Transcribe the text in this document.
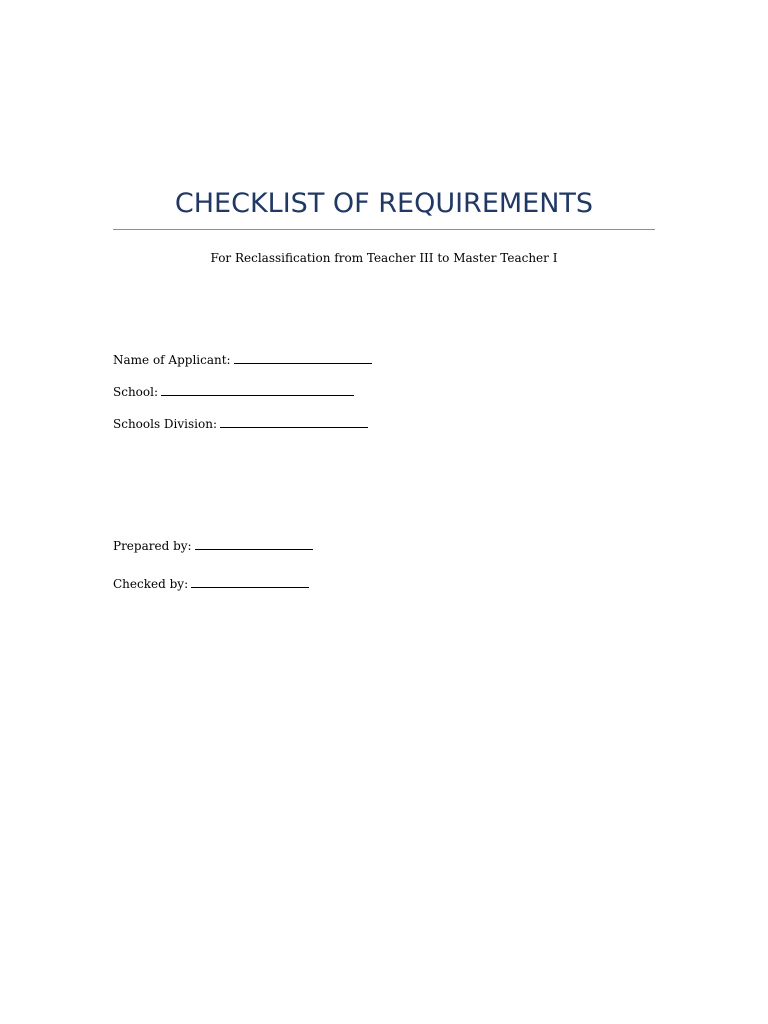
CHECKLIST OF REQUIREMENTS
For Reclassification from Teacher III to Master Teacher I
Name of Applicant:
School:
Schools Division:
Prepared by:
Checked by:
